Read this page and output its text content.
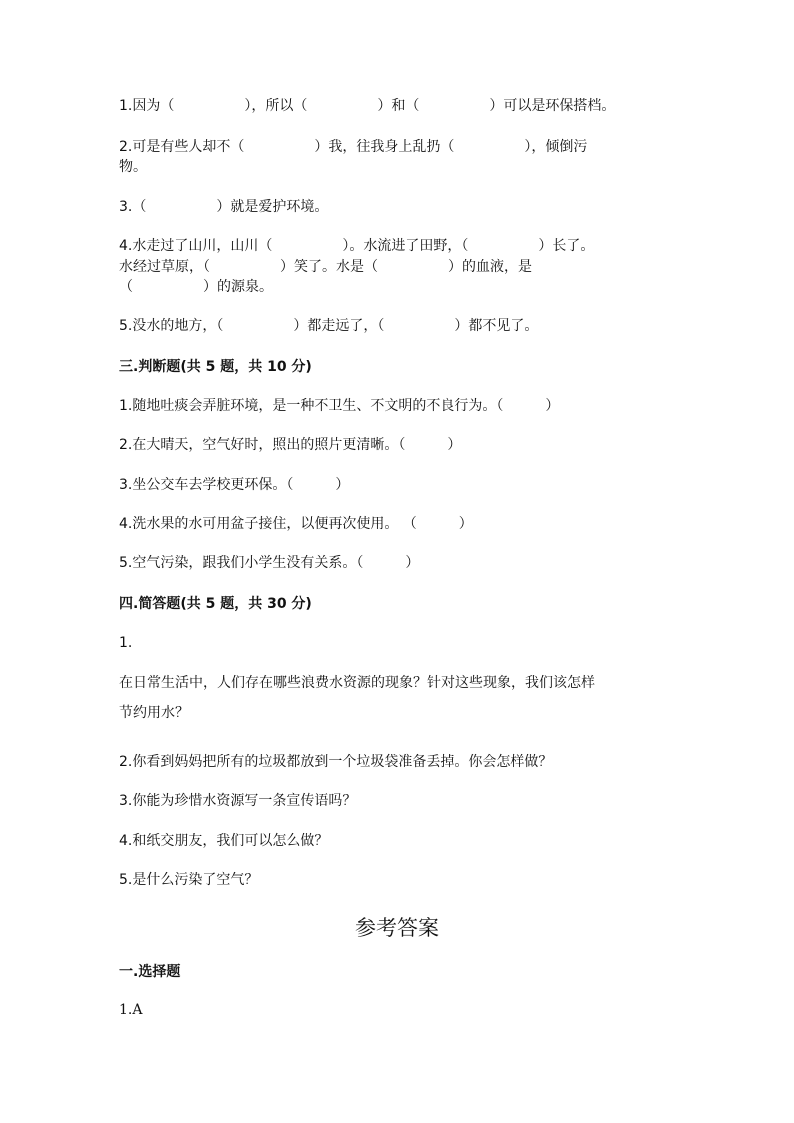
1.因为（　　　　　），所以（　　　　　）和（　　　　　）可以是环保搭档。
2.可是有些人却不（　　　　　）我，往我身上乱扔（　　　　　），倾倒污
物。
3.（　　　　　）就是爱护环境。
4.水走过了山川，山川（　　　　　）。水流进了田野，（　　　　　）长了。
水经过草原，（　　　　　）笑了。水是（　　　　　）的血液，是
（　　　　　）的源泉。
5.没水的地方，（　　　　　）都走远了，（　　　　　）都不见了。
三.判断题(共 5 题，共 10 分)
1.随地吐痰会弄脏环境，是一种不卫生、不文明的不良行为。（　　　）
2.在大晴天，空气好时，照出的照片更清晰。（　　　）
3.坐公交车去学校更环保。（　　　）
4.洗水果的水可用盆子接住，以便再次使用。 （　　　）
5.空气污染，跟我们小学生没有关系。（　　　）
四.简答题(共 5 题，共 30 分)
1.
在日常生活中，人们存在哪些浪费水资源的现象？针对这些现象，我们该怎样
节约用水？
2.你看到妈妈把所有的垃圾都放到一个垃圾袋准备丢掉。你会怎样做？
3.你能为珍惜水资源写一条宣传语吗？
4.和纸交朋友，我们可以怎么做？
5.是什么污染了空气？
参考答案
一.选择题
1.A
